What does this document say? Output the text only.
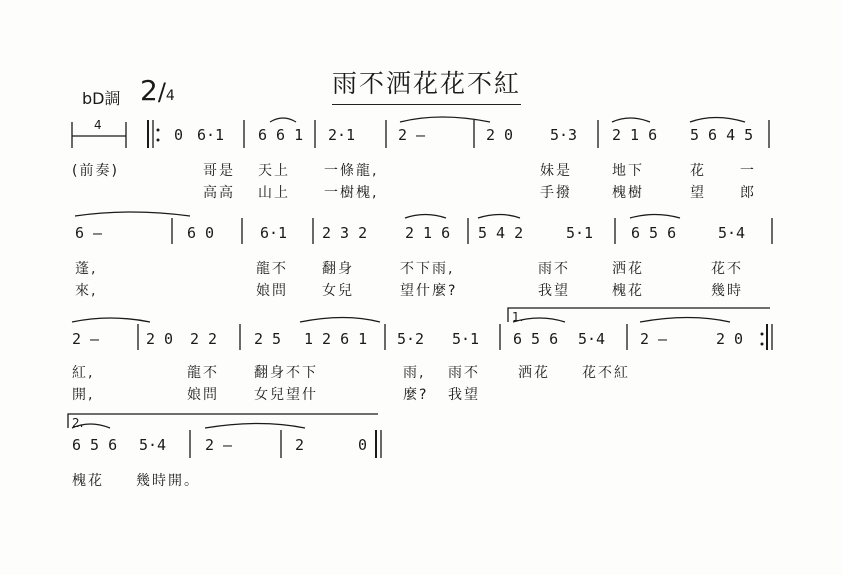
雨不洒花花不紅
bD調 2/4
4
(前奏)
1.
2.
0 6·1 6 6 1 2·1	2 —	2 0 5·3 2 1 6 5 6 4 5
哥是 天上 一條龍,	妹是	地下	花 一
高高 山上 一樹槐,	手撥	槐樹	望 郎
6 —	6 0	6·1 2 3 2	2 1 6 5 4 2	5·1	6 5 6	5·4
蓬,	龍不 翻身	不下雨,	雨不	洒花	花不
來,	娘問 女兒	望什麼?	我望	槐花	幾時
2 —	2 0 2 2 2 5 1 2 6 1 5·2 5·1 6 5 6 5·4 2 —	2 0
紅,	龍不	翻身不下	雨, 雨不	洒花 花不紅
開,	娘問	女兒望什	麼? 我望
6 5 6 5·4	2 —	2	0
槐花 幾時開。
